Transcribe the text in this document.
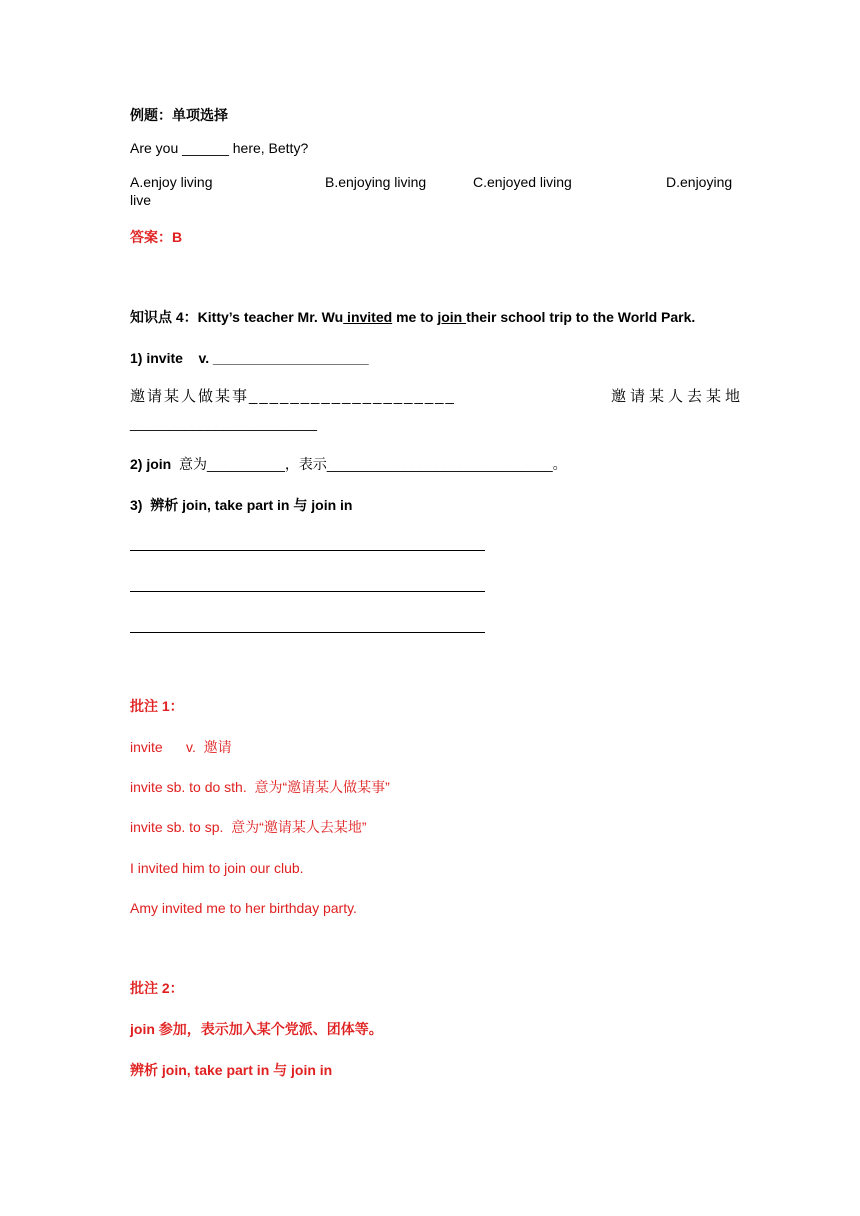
例题：单项选择
Are you ______ here, Betty?
A.enjoy living	B.enjoying living	C.enjoyed living	D.enjoying
live
答案：B
知识点 4：Kitty’s teacher Mr. Wu invited me to join their school trip to the World Park.
1) invite    v. ____________________
邀请某人做某事____________________	邀请某人去某地
________________________
2) join  意为__________，表示_____________________________。
3)  辨析 join, take part in 与 join in
批注 1：
invite      v.  邀请
invite sb. to do sth.  意为“邀请某人做某事”
invite sb. to sp.  意为“邀请某人去某地”
I invited him to join our club.
Amy invited me to her birthday party.
批注 2：
join 参加，表示加入某个党派、团体等。
辨析 join, take part in 与 join in
